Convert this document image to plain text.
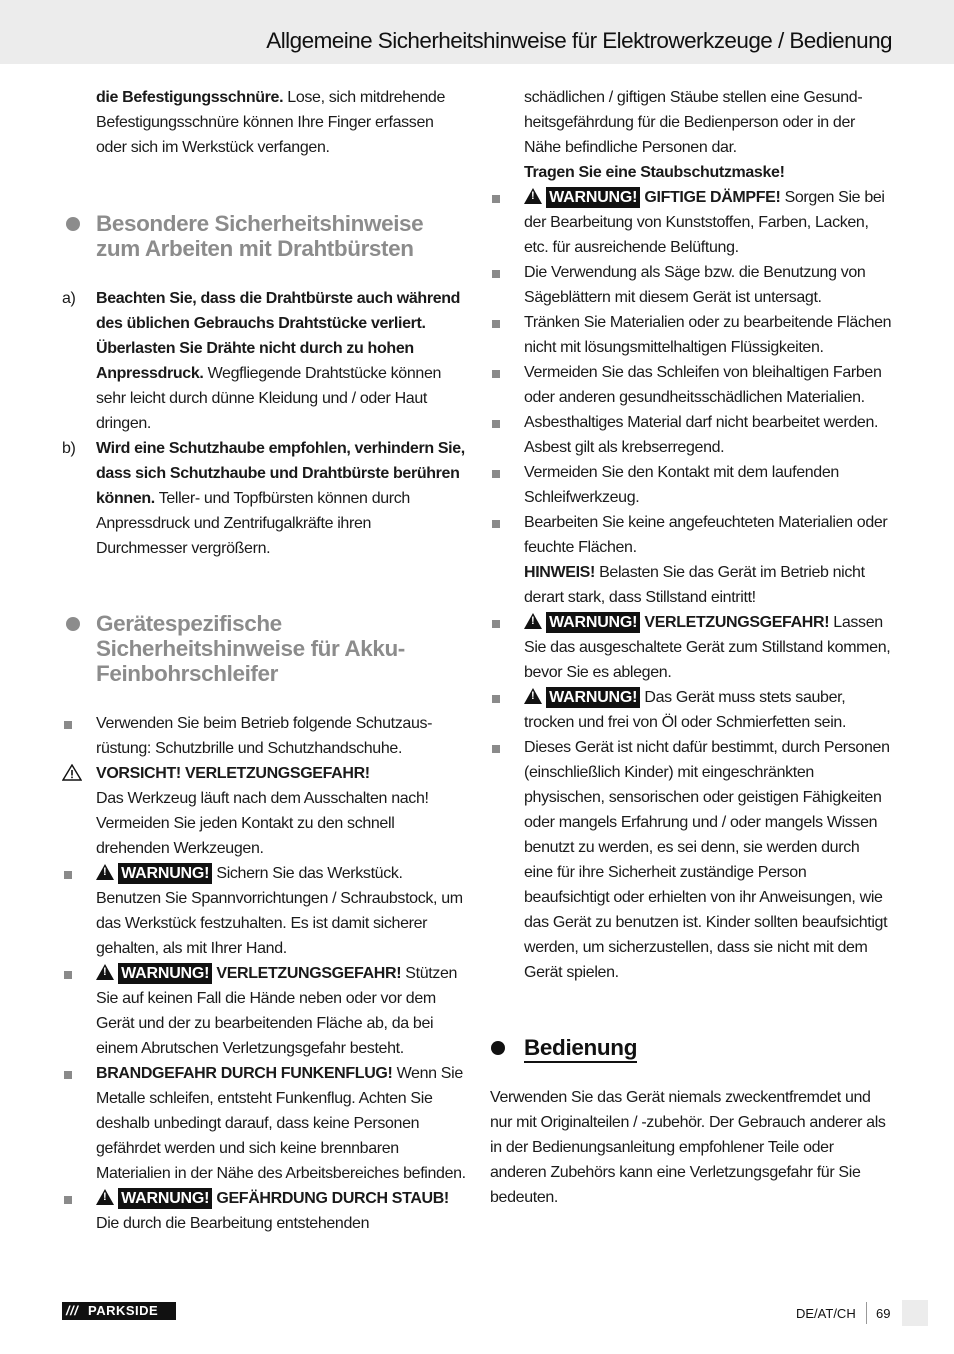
Allgemeine Sicherheitshinweise für Elektrowerkzeuge / Bedienung
die Befestigungsschnüre. Lose, sich mitdrehende Befestigungsschnüre können Ihre Finger erfassen oder sich im Werkstück verfangen.
Besondere Sicherheitshinweise zum Arbeiten mit Drahtbürsten
a)	Beachten Sie, dass die Drahtbürste auch während des üblichen Gebrauchs Drahtstücke verliert. Überlasten Sie Drähte nicht durch zu hohen Anpressdruck. Wegfliegende Drahtstücke können sehr leicht durch dünne Kleidung und / oder Haut dringen.
b)	Wird eine Schutzhaube empfohlen, verhindern Sie, dass sich Schutzhaube und Drahtbürste berühren können. Teller- und Topfbürsten können durch Anpressdruck und Zentrifugalkräfte ihren Durchmesser vergrößern.
Gerätespezifische Sicherheitshinweise für Akku-Feinbohrschleifer
Verwenden Sie beim Betrieb folgende Schutzausrüstung: Schutzbrille und Schutzhandschuhe.
VORSICHT! VERLETZUNGSGEFAHR!
Das Werkzeug läuft nach dem Ausschalten nach! Vermeiden Sie jeden Kontakt zu den schnell drehenden Werkzeugen.
! WARNUNG! Sichern Sie das Werkstück. Benutzen Sie Spannvorrichtungen / Schraubstock, um das Werkstück festzuhalten. Es ist damit sicherer gehalten, als mit Ihrer Hand.
! WARNUNG! VERLETZUNGSGEFAHR! Stützen Sie auf keinen Fall die Hände neben oder vor dem Gerät und der zu bearbeitenden Fläche ab, da bei einem Abrutschen Verletzungsgefahr besteht.
BRANDGEFAHR DURCH FUNKENFLUG! Wenn Sie Metalle schleifen, entsteht Funkenflug. Achten Sie deshalb unbedingt darauf, dass keine Personen gefährdet werden und sich keine brennbaren Materialien in der Nähe des Arbeitsbereiches befinden.
! WARNUNG! GEFÄHRDUNG DURCH STAUB! Die durch die Bearbeitung entstehenden
schädlichen / giftigen Stäube stellen eine Gesundheitsgefährdung für die Bedienperson oder in der Nähe befindliche Personen dar.
Tragen Sie eine Staubschutzmaske!
! WARNUNG! GIFTIGE DÄMPFE! Sorgen Sie bei der Bearbeitung von Kunststoffen, Farben, Lacken, etc. für ausreichende Belüftung.
Die Verwendung als Säge bzw. die Benutzung von Sägeblättern mit diesem Gerät ist untersagt.
Tränken Sie Materialien oder zu bearbeitende Flächen nicht mit lösungsmittelhaltigen Flüssigkeiten.
Vermeiden Sie das Schleifen von bleihaltigen Farben oder anderen gesundheitsschädlichen Materialien.
Asbesthaltiges Material darf nicht bearbeitet werden. Asbest gilt als krebserregend.
Vermeiden Sie den Kontakt mit dem laufenden Schleifwerkzeug.
Bearbeiten Sie keine angefeuchteten Materialien oder feuchte Flächen.
HINWEIS! Belasten Sie das Gerät im Betrieb nicht derart stark, dass Stillstand eintritt!
! WARNUNG! VERLETZUNGSGEFAHR! Lassen Sie das ausgeschaltete Gerät zum Stillstand kommen, bevor Sie es ablegen.
! WARNUNG! Das Gerät muss stets sauber, trocken und frei von Öl oder Schmierfetten sein.
Dieses Gerät ist nicht dafür bestimmt, durch Personen (einschließlich Kinder) mit eingeschränkten physischen, sensorischen oder geistigen Fähigkeiten oder mangels Erfahrung und / oder mangels Wissen benutzt zu werden, es sei denn, sie werden durch eine für ihre Sicherheit zuständige Person beaufsichtigt oder erhielten von ihr Anweisungen, wie das Gerät zu benutzen ist. Kinder sollten beaufsichtigt werden, um sicherzustellen, dass sie nicht mit dem Gerät spielen.
Bedienung
Verwenden Sie das Gerät niemals zweckentfremdet und nur mit Originalteilen / -zubehör. Der Gebrauch anderer als in der Bedienungsanleitung empfohlener Teile oder anderen Zubehörs kann eine Verletzungsgefahr für Sie bedeuten.
/// PARKSIDE	DE/AT/CH 69
